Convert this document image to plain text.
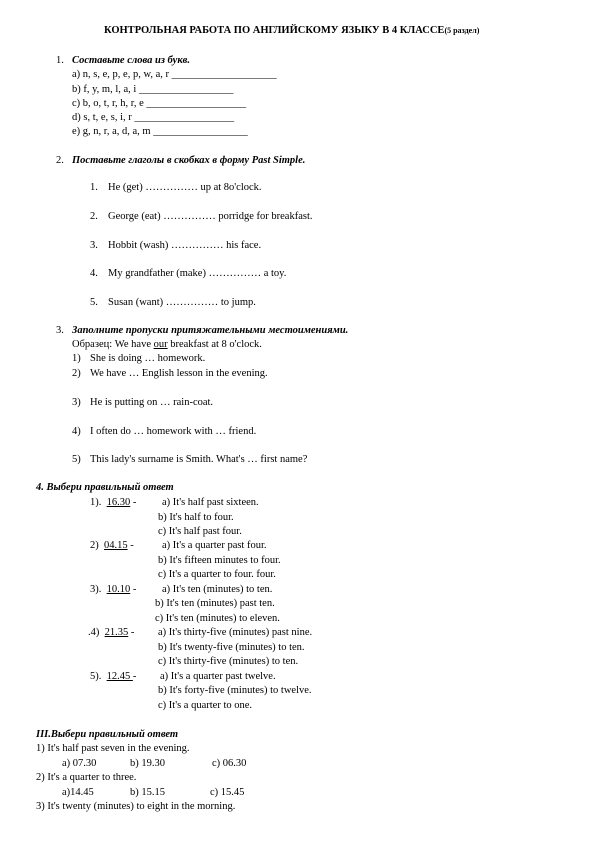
КОНТРОЛЬНАЯ РАБОТА ПО АНГЛИЙСКОМУ ЯЗЫКУ В 4 КЛАССЕ(5 раздел)
1. Составьте слова из букв.
a) n, s, e, p, e, p, w, a, r ____________________
b) f, y, m, l, a, i __________________
c) b, o, t, r, h, r, e ___________________
d) s, t, e, s, i, r ___________________
e) g, n, r, a, d, a, m __________________
2. Поставьте глаголы в скобках в форму Past Simple.
1. He (get) …………… up at 8o'clock.
2. George (eat) …………… porridge for breakfast.
3. Hobbit (wash) …………… his face.
4. My grandfather (make) …………… a toy.
5. Susan (want) …………… to jump.
3. Заполните пропуски притяжательными местоимениями.
Образец: We have our breakfast at 8 o'clock.
1) She is doing … homework.
2) We have … English lesson in the evening.
3) He is putting on … rain-coat.
4) I often do … homework with … friend.
5) This lady's surname is Smith. What's … first name?
4. Выбери правильный ответ
1). 16.30 - a) It's half past sixteen.
b) It's half to four.
c) It's half past four.
2) 04.15 -	a) It's a quarter past four.
b) It's fifteen minutes to four.
c) It's a quarter to four. four.
3). 10.10 - a) It's ten (minutes) to ten.
b) It's ten (minutes) past ten.
c) It's ten (minutes) to eleven.
.4) 21.35 - a) It's thirty-five (minutes) past nine.
b) It's twenty-five (minutes) to ten.
c) It's thirty-five (minutes) to ten.
5). 12.45 - a) It's a quarter past twelve.
b) It's forty-five (minutes) to twelve.
c) It's a quarter to one.
III.Выбери правильный ответ
1) It's half past seven in the evening.
a) 07.30	b) 19.30	c) 06.30
2) It's a quarter to three.
a)14.45	b) 15.15	c) 15.45
3) It's twenty (minutes) to eight in the morning.
